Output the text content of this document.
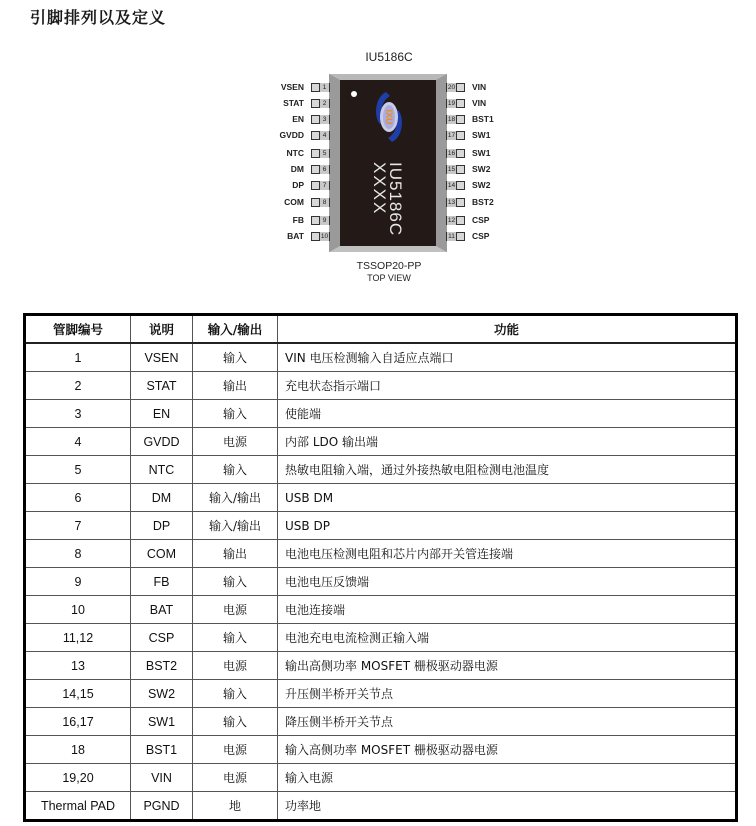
引脚排列以及定义
IU5186C
IXU
IU5186C
XXXX
1
VSEN
2
STAT
3
EN
4
GVDD
5
NTC
6
DM
7
DP
8
COM
9
FB
10
BAT
20 VIN
19 VIN
18 BST1
17 SW1
16 SW1
15 SW2
14 SW2
13 BST2
12 CSP
11 CSP
TSSOP20-PP
TOP VIEW
管脚编号	说明	输入/输出	功能
1	VSEN	输入	VIN 电压检测输入自适应点端口
2	STAT	输出	充电状态指示端口
3	EN	输入	使能端
4	GVDD	电源	内部 LDO 输出端
5	NTC	输入	热敏电阻输入端，通过外接热敏电阻检测电池温度
6	DM	输入/输出	USB DM
7	DP	输入/输出	USB DP
8	COM	输出	电池电压检测电阻和芯片内部开关管连接端
9	FB	输入	电池电压反馈端
10	BAT	电源	电池连接端
11,12	CSP	输入	电池充电电流检测正输入端
13	BST2	电源	输出高侧功率 MOSFET 栅极驱动器电源
14,15	SW2	输入	升压侧半桥开关节点
16,17	SW1	输入	降压侧半桥开关节点
18	BST1	电源	输入高侧功率 MOSFET 栅极驱动器电源
19,20	VIN	电源	输入电源
Thermal PAD	PGND	地	功率地
